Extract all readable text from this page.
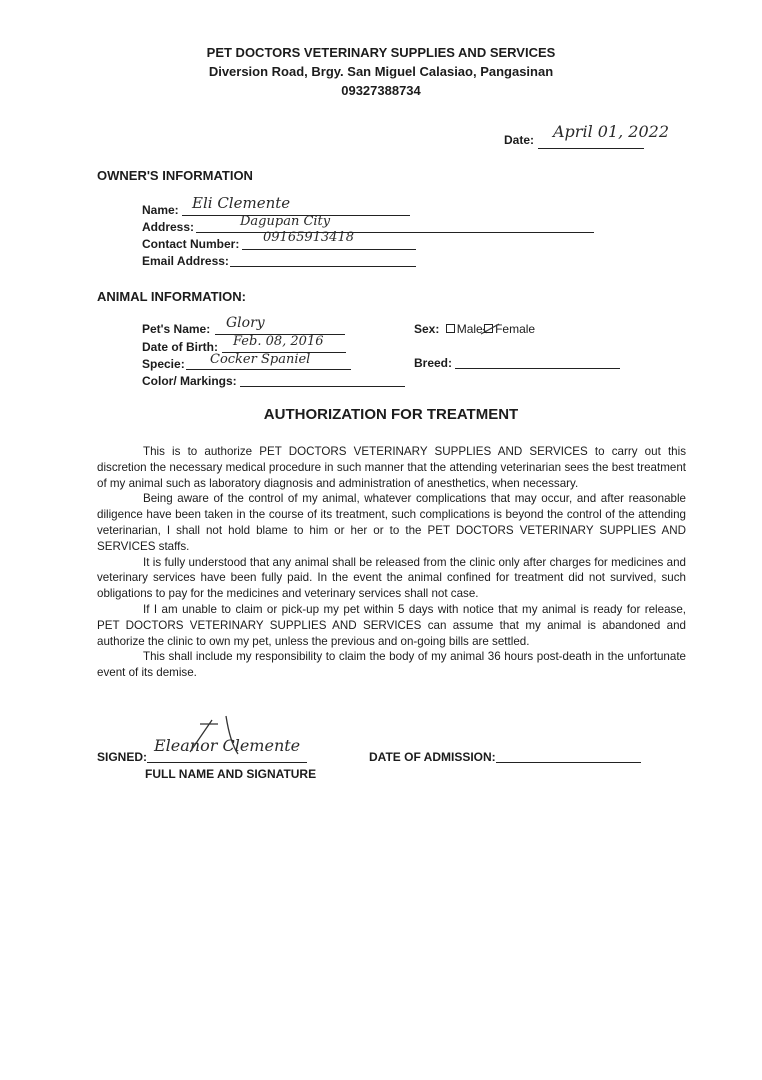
PET DOCTORS VETERINARY SUPPLIES AND SERVICES
Diversion Road, Brgy. San Miguel Calasiao, Pangasinan
09327388734
Date: April 01, 2022
OWNER'S INFORMATION
Name: Eli Clemente
Address:	Dagupan City
Contact Number: 09165913418
Email Address:
ANIMAL INFORMATION:
Pet's Name: Glory
Date of Birth: Feb. 08, 2016
Specie: Cocker Spaniel
Color/ Markings:
Sex: Male Female
Breed:
AUTHORIZATION FOR TREATMENT

This is to authorize PET DOCTORS VETERINARY SUPPLIES AND SERVICES to carry out this discretion the necessary medical procedure in such manner that the attending veterinarian sees the best treatment of my animal such as laboratory diagnosis and administration of anesthetics, when necessary.

Being aware of the control of my animal, whatever complications that may occur, and after reasonable diligence have been taken in the course of its treatment, such complications is beyond the control of the attending veterinarian, I shall not hold blame to him or her or to the PET DOCTORS VETERINARY SUPPLIES AND SERVICES staffs.

It is fully understood that any animal shall be released from the clinic only after charges for medicines and veterinary services have been fully paid. In the event the animal confined for treatment did not survived, such obligations to pay for the medicines and veterinary services shall not case.

If I am unable to claim or pick-up my pet within 5 days with notice that my animal is ready for release, PET DOCTORS VETERINARY SUPPLIES AND SERVICES can assume that my animal is abandoned and authorize the clinic to own my pet, unless the previous and on-going bills are settled.

This shall include my responsibility to claim the body of my animal 36 hours post-death in the unfortunate event of its demise.

SIGNED:
Eleanor Clemente
FULL NAME AND SIGNATURE
DATE OF ADMISSION:
